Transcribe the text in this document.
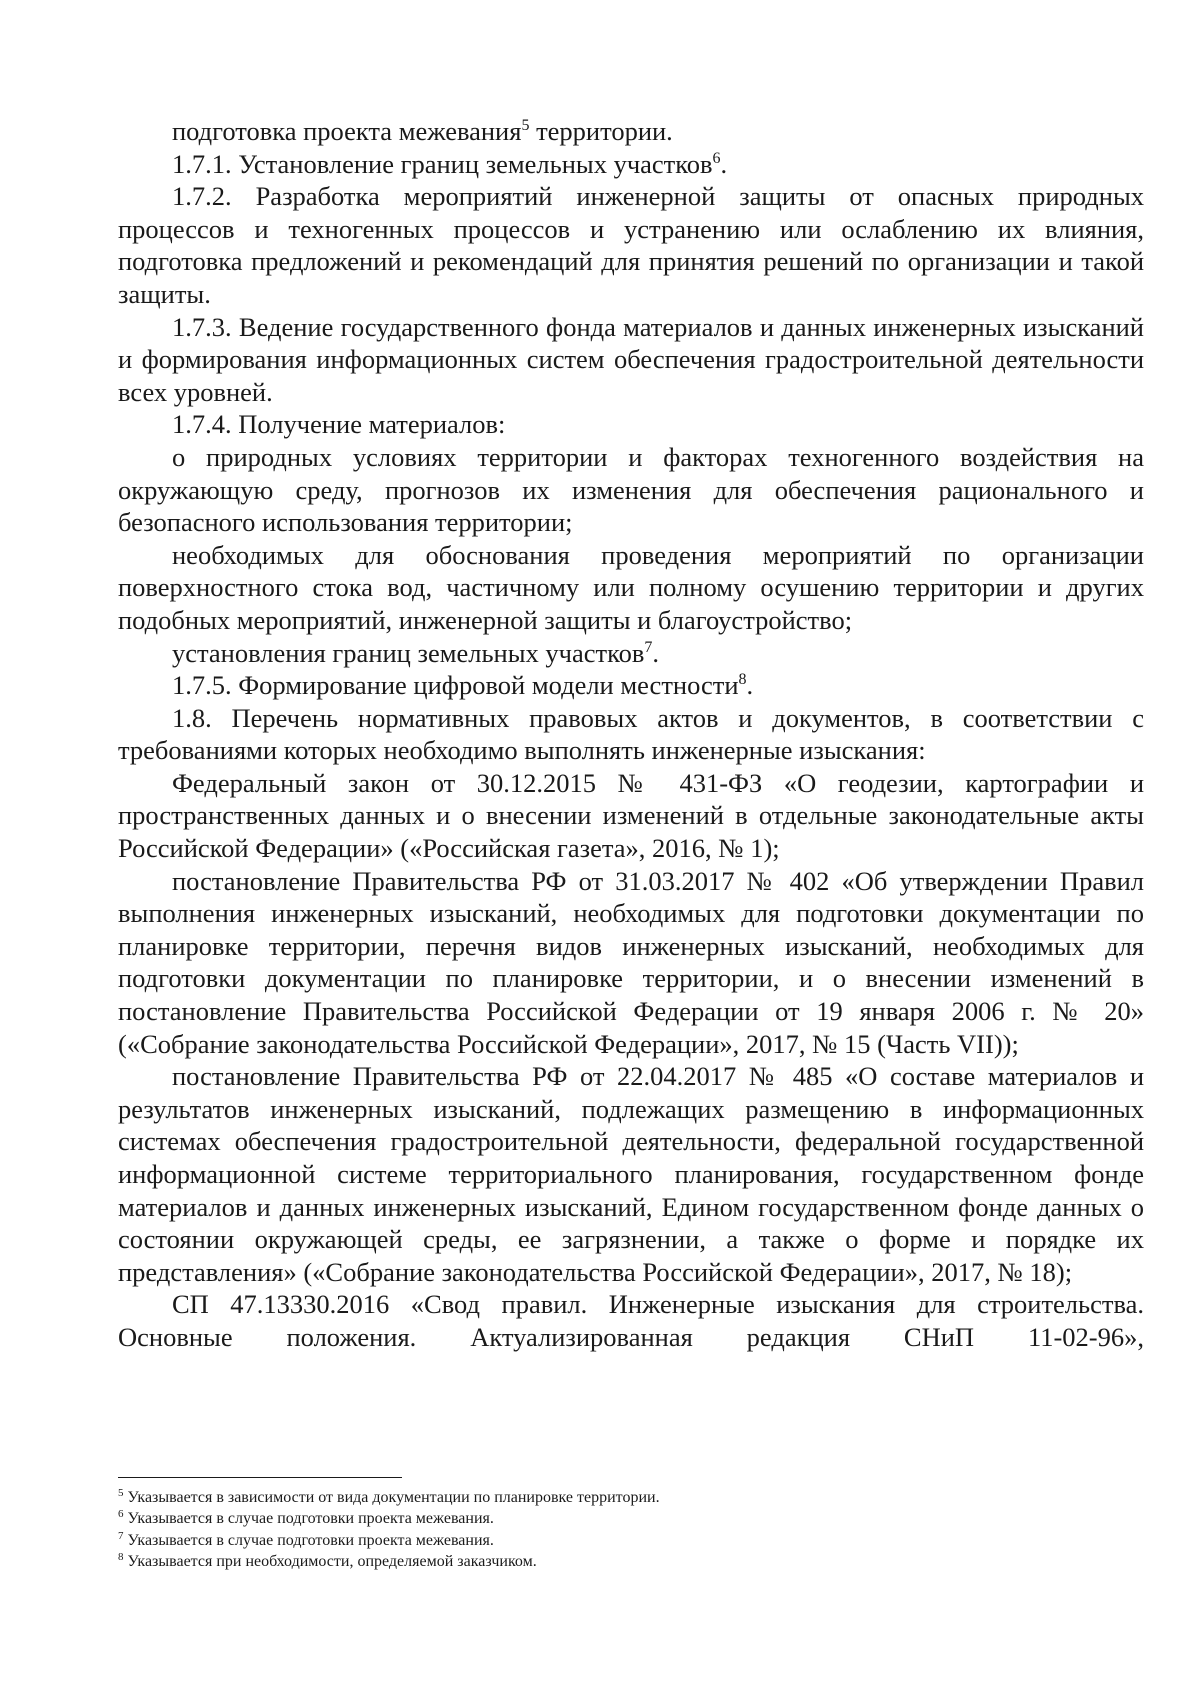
подготовка проекта межевания$^5$ территории.

1.7.1. Установление границ земельных участков$^6$.

1.7.2. Разработка мероприятий инженерной защиты от опасных природных процессов и техногенных процессов и устранению или ослаблению их влияния, подготовка предложений и рекомендаций для принятия решений по организации и такой защиты.

1.7.3. Ведение государственного фонда материалов и данных инженерных изысканий и формирования информационных систем обеспечения градостроительной деятельности всех уровней.

1.7.4. Получение материалов:

о природных условиях территории и факторах техногенного воздействия на окружающую среду, прогнозов их изменения для обеспечения рационального и безопасного использования территории;

необходимых для обоснования проведения мероприятий по организации поверхностного стока вод, частичному или полному осушению территории и других подобных мероприятий, инженерной защиты и благоустройство;

установления границ земельных участков$^7$.

1.7.5. Формирование цифровой модели местности$^8$.

1.8. Перечень нормативных правовых актов и документов, в соответствии с требованиями которых необходимо выполнять инженерные изыскания:

Федеральный закон от 30.12.2015 № 431-ФЗ «О геодезии, картографии и пространственных данных и о внесении изменений в отдельные законодательные акты Российской Федерации» («Российская газета», 2016, № 1);

постановление Правительства РФ от 31.03.2017 № 402 «Об утверждении Правил выполнения инженерных изысканий, необходимых для подготовки документации по планировке территории, перечня видов инженерных изысканий, необходимых для подготовки документации по планировке территории, и о внесении изменений в постановление Правительства Российской Федерации от 19 января 2006 г. № 20» («Собрание законодательства Российской Федерации», 2017, № 15 (Часть VII));

постановление Правительства РФ от 22.04.2017 № 485 «О составе материалов и результатов инженерных изысканий, подлежащих размещению в информационных системах обеспечения градостроительной деятельности, федеральной государственной информационной системе территориального планирования, государственном фонде материалов и данных инженерных изысканий, Едином государственном фонде данных о состоянии окружающей среды, ее загрязнении, а также о форме и порядке их представления» («Собрание законодательства Российской Федерации», 2017, № 18);

СП 47.13330.2016 «Свод правил. Инженерные изыскания для строительства. Основные положения. Актуализированная редакция СНиП 11-02-96»,

$^5$ Указывается в зависимости от вида документации по планировке территории.

$^6$ Указывается в случае подготовки проекта межевания.

$^7$ Указывается в случае подготовки проекта межевания.

$^8$ Указывается при необходимости, определяемой заказчиком.
